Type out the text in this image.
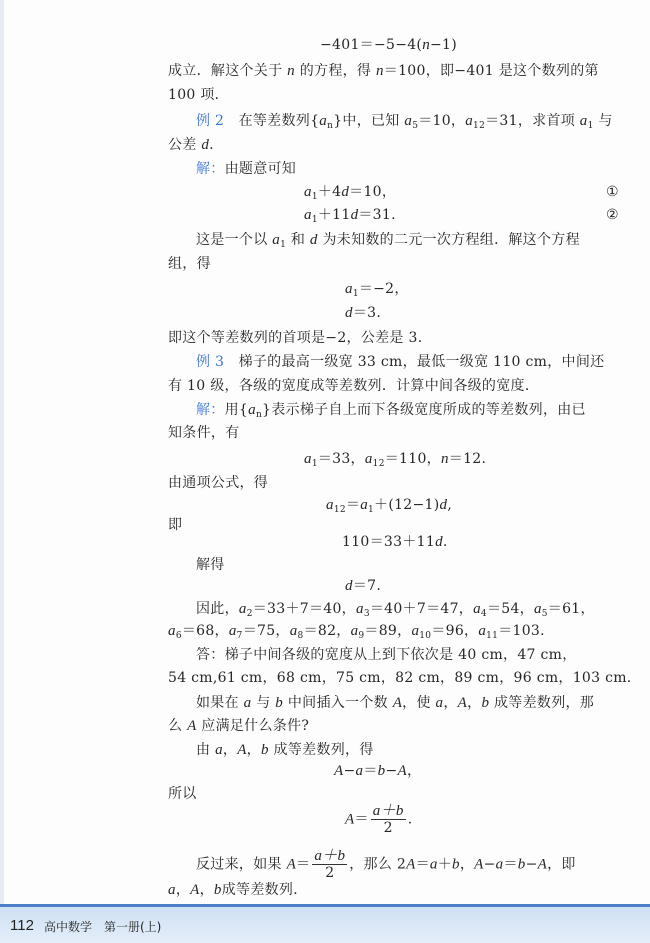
−401＝−5−4(n−1)
成立．解这个关于 n 的方程，得 n＝100，即−401 是这个数列的第
100 项．
例 2　在等差数列$\{a_n\}$中，已知 $a_5=10$，$a_{12}=31$，求首项 $a_1$ 与
公差 d.
解：由题意可知
$a_1+4d=10$，	①
$a_1+11d=31$.	②
这是一个以 $a_1$ 和 d 为未知数的二元一次方程组．解这个方程
组，得
$a_1=-2$，
d＝3.
即这个等差数列的首项是−2，公差是 3.
例 3　梯子的最高一级宽 33 cm，最低一级宽 110 cm，中间还
有 10 级，各级的宽度成等差数列．计算中间各级的宽度．
解：用$\{a_n\}$表示梯子自上而下各级宽度所成的等差数列，由已
知条件，有
$a_1=33$，$a_{12}=110$，n＝12.
由通项公式，得
$a_{12}=a_1+(12-1)d$,
即
110＝33＋11d.
解得
d＝7.
因此，$a_2=33+7=40$，$a_3=40+7=47$，$a_4=54$，$a_5=61$，
$a_6=68$，$a_7=75$，$a_8=82$，$a_9=89$，$a_{10}=96$，$a_{11}=103$.
答：梯子中间各级的宽度从上到下依次是 40 cm，47 cm，
54 cm,61 cm，68 cm，75 cm，82 cm，89 cm，96 cm，103 cm.
如果在 a 与 b 中间插入一个数 A，使 a，A，b 成等差数列，那
么 A 应满足什么条件?
由 a，A，b 成等差数列，得
A−a＝b−A，
所以
$A= \frac{a+b}{2}$ .
反过来，如果 $A= \frac{a+b}{2}$ ，那么 2A＝a＋b，A−a＝b−A，即
a，A，b成等差数列．
112 高中数学　第一册(上)
